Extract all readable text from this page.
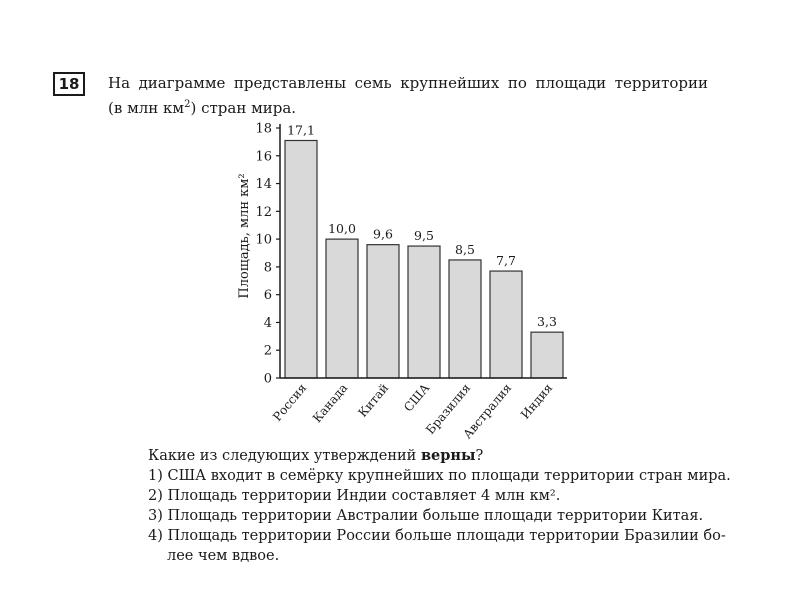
18 На диаграмме представлены семь крупнейших по площади территории

(в млн $км^2$) стран мира.

0
2
4
6
8
10
12
14
16
18 17,1
10,0 9,6 9,5
8,5
7,7
3,3
Россия Канада Китай США
Бразилия
Австралия Индия
Площадь, млн км²

Какие из следующих утверждений верны?

1) США входит в семёрку крупнейших по площади территории стран мира.

2) Площадь территории Индии составляет 4 млн км².

3) Площадь территории Австралии больше площади территории Китая.

4) Площадь территории России больше площади территории Бразилии бо-

лее чем вдвое.
